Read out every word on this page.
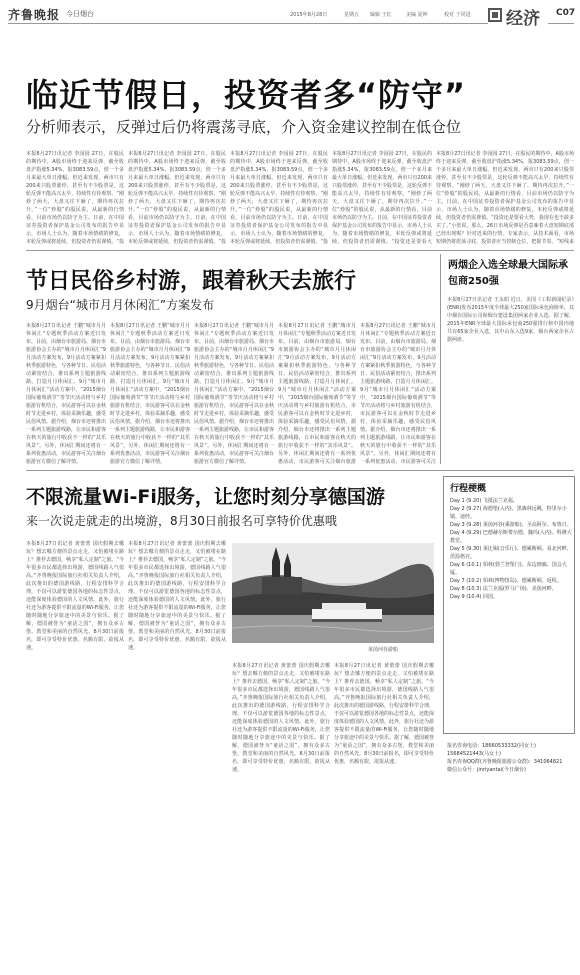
齐鲁晚报 今日烟台	2015年8月28日	星期五 编辑 王红	美编 夏坤	校对 于同进 经济 C07
临近节假日，投资者多“防守”
分析师表示，反弹过后仍将震荡寻底，介入资金建议控制在低仓位
本报8月27日讯记者 李园园 27日，在股民的期待中，A股市场终于迎来反弹，截至收盘沪指涨5.34%，报3083.59点，创一个多月来最大单日涨幅。但近来发现，两市只有200来只股票涨停，甚至有不少股票是，这轮反弹不能高兴太早，持续性有待观察。“刚炒了两天，大盘又往下砸了，期待再次拉升。”一位“炒股”的股民说，从最新的行情看，目前市场仍以防守为主。日前，在中国证券投资者保护基金公司发布的报告中显示，市场人士认为，随着市场情绪的修复，本轮反弹或将延续，但投资者仍需谨慎。“投
本报8月27日讯记者 李园园 27日，在股民的期待中，A股市场终于迎来反弹，截至收盘沪指涨5.34%，报3083.59点，创一个多月来最大单日涨幅。但近来发现，两市只有200来只股票涨停，甚至有不少股票是，这轮反弹不能高兴太早，持续性有待观察。“刚炒了两天，大盘又往下砸了，期待再次拉升。”一位“炒股”的股民说，从最新的行情看，目前市场仍以防守为主。日前，在中国证券投资者保护基金公司发布的报告中显示，市场人士认为，随着市场情绪的修复，本轮反弹或将延续，但投资者仍需谨慎。“投
本报8月27日讯记者 李园园 27日，在股民的期待中，A股市场终于迎来反弹，截至收盘沪指涨5.34%，报3083.59点，创一个多月来最大单日涨幅。但近来发现，两市只有200来只股票涨停，甚至有不少股票是，这轮反弹不能高兴太早，持续性有待观察。“刚炒了两天，大盘又往下砸了，期待再次拉升。”一位“炒股”的股民说，从最新的行情看，目前市场仍以防守为主。日前，在中国证券投资者保护基金公司发布的报告中显示，市场人士认为，随着市场情绪的修复，本轮反弹或将延续，但投资者仍需谨慎。“投
本报8月27日讯记者 李园园 27日，在股民的期待中，A股市场终于迎来反弹，截至收盘沪指涨5.34%，报3083.59点，创一个多月来最大单日涨幅。但近来发现，两市只有200来只股票涨停，甚至有不少股票是，这轮反弹不能高兴太早，持续性有待观察。“刚炒了两天，大盘又往下砸了，期待再次拉升。”一位“炒股”的股民说，从最新的行情看，目前市场仍以防守为主。日前，在中国证券投资者保护基金公司发布的报告中显示，市场人士认为，随着市场情绪的修复，本轮反弹或将延续，但投资者仍需谨慎。“投资还是要看大
本报8月27日讯记者 李园园 27日，在股民的期待中，A股市场终于迎来反弹，截至收盘沪指涨5.34%，报3083.59点，创一个多月来最大单日涨幅。但近来发现，两市只有200来只股票涨停，甚至有不少股票是，这轮反弹不能高兴太早，持续性有待观察。“刚炒了两天，大盘又往下砸了，期待再次拉升。”一位“炒股”的股民说，从最新的行情看，目前市场仍以防守为主。日前，在中国证券投资者保护基金公司发布的报告中显示，市场人士认为，随着市场情绪的修复，本轮反弹或将延续，但投资者仍需谨慎。“投资还是要看大势，我现在也不敢多买了。”小张说。那么，26日市场反弹是否意味着大盘短期底部已经出现呢？针对近来的行情，专家表示，从技术面看，市场短期仍将震荡寻底，投资者应当控制仓位，把握节奏。“短线来
节日民俗乡村游，跟着秋天去旅行
9月烟台“城市月月休闲汇”方案发布
本报8月27日讯记者 王鹏“城市月月休闲汇”专题秋季活动方案近日发布。目前，由烟台市旅游局、烟台市旅游协会主办的“城市月月休闲汇”9月活动方案发布，9月活动方案紧扣秋季旅游特色，与各种节日、民俗活动紧密结合，推出系列主题旅游线路，打造月月休闲汇。9月“城市月月休闲汇”活动方案中，“2015烟台国际葡萄酒节”等节庆活动将与乡村旅游有机结合，市民游客可以在金秋时节走进乡村，体验采摘乐趣，感受民俗风情。据介绍，烟台市还将推出一系列主题旅游线路，让市民和游客在秋天的旅行中收获不一样的“其乐风景”。另外，休闲汇期间还将有一系列优惠活动，市民游客可关注烟台旅游官方微信了解详情。
本报8月27日讯记者 王鹏“城市月月休闲汇”专题秋季活动方案近日发布。目前，由烟台市旅游局、烟台市旅游协会主办的“城市月月休闲汇”9月活动方案发布，9月活动方案紧扣秋季旅游特色，与各种节日、民俗活动紧密结合，推出系列主题旅游线路，打造月月休闲汇。9月“城市月月休闲汇”活动方案中，“2015烟台国际葡萄酒节”等节庆活动将与乡村旅游有机结合，市民游客可以在金秋时节走进乡村，体验采摘乐趣，感受民俗风情。据介绍，烟台市还将推出一系列主题旅游线路，让市民和游客在秋天的旅行中收获不一样的“其乐风景”。另外，休闲汇期间还将有一系列优惠活动，市民游客可关注烟台旅游官方微信了解详情。
本报8月27日讯记者 王鹏“城市月月休闲汇”专题秋季活动方案近日发布。目前，由烟台市旅游局、烟台市旅游协会主办的“城市月月休闲汇”9月活动方案发布，9月活动方案紧扣秋季旅游特色，与各种节日、民俗活动紧密结合，推出系列主题旅游线路，打造月月休闲汇。9月“城市月月休闲汇”活动方案中，“2015烟台国际葡萄酒节”等节庆活动将与乡村旅游有机结合，市民游客可以在金秋时节走进乡村，体验采摘乐趣，感受民俗风情。据介绍，烟台市还将推出一系列主题旅游线路，让市民和游客在秋天的旅行中收获不一样的“其乐风景”。另外，休闲汇期间还将有一系列优惠活动，市民游客可关注烟台旅游官方微信了解详情。
本报8月27日讯记者 王鹏“城市月月休闲汇”专题秋季活动方案近日发布。目前，由烟台市旅游局、烟台市旅游协会主办的“城市月月休闲汇”9月活动方案发布，9月活动方案紧扣秋季旅游特色，与各种节日、民俗活动紧密结合，推出系列主题旅游线路，打造月月休闲汇。9月“城市月月休闲汇”活动方案中，“2015烟台国际葡萄酒节”等节庆活动将与乡村旅游有机结合，市民游客可以在金秋时节走进乡村，体验采摘乐趣，感受民俗风情。据介绍，烟台市还将推出一系列主题旅游线路，让市民和游客在秋天的旅行中收获不一样的“其乐风景”。另外，休闲汇期间还将有一系列优惠活动，市民游客可关注烟台旅游
本报8月27日讯记者 王鹏“城市月月休闲汇”专题秋季活动方案近日发布。目前，由烟台市旅游局、烟台市旅游协会主办的“城市月月休闲汇”9月活动方案发布，9月活动方案紧扣秋季旅游特色，与各种节日、民俗活动紧密结合，推出系列主题旅游线路，打造月月休闲汇。9月“城市月月休闲汇”活动方案中，“2015烟台国际葡萄酒节”等节庆活动将与乡村旅游有机结合，市民游客可以在金秋时节走进乡村，体验采摘乐趣，感受民俗风情。据介绍，烟台市还将推出一系列主题旅游线路，让市民和游客在秋天的旅行中收获不一样的“其乐风景”。另外，休闲汇期间还将有一系列优惠活动，市民游客可关注
两烟企入选全球最大国际承包商250强
本报8月27日讯记者 王永昭 近日，美国《工程新闻纪录》(ENR)发布2015年度全球最大250家国际承包商榜单，其中烟台国际公司和烟台建设集团两家企业入选。据了解，2015年ENR全球最大国际承包商250强排行榜中国内地共有65家企业入选，其中山东入选9家，烟台两家企业占据两席。
不限流量Wi-Fi服务，让您时刻分享德国游
来一次说走就走的出境游，8月30日前报名可享特价优惠哦
本报8月27日讯记者 黄蕾蕾 国庆假期去哪玩？想去哪方便的景点走走，又怕被堵在路上？推荐去德国，畅享“私人定制”之旅。“今年很多市民都选择出境游，德国线路人气很高。”齐鲁晚报国际旅行社相关负责人介绍，此次推出的德国游线路，行程安排科学合理，不仅可以游览德国各地的标志性景点，还能深度体验德国的人文风情。此外，旅行社还为游客提供不限流量的Wi-Fi服务，让您随时随地分享旅途中的美景与快乐。据了解，德国被誉为“童话之国”，拥有众多古堡、教堂和美丽的自然风光。8月30日前报名，即可享受特价优惠，名额有限，欲报从速。
本报8月27日讯记者 黄蕾蕾 国庆假期去哪玩？想去哪方便的景点走走，又怕被堵在路上？推荐去德国，畅享“私人定制”之旅。“今年很多市民都选择出境游，德国线路人气很高。”齐鲁晚报国际旅行社相关负责人介绍，此次推出的德国游线路，行程安排科学合理，不仅可以游览德国各地的标志性景点，还能深度体验德国的人文风情。此外，旅行社还为游客提供不限流量的Wi-Fi服务，让您随时随地分享旅途中的美景与快乐。据了解，德国被誉为“童话之国”，拥有众多古堡、教堂和美丽的自然风光。8月30日前报名，即可享受特价优惠，名额有限，欲报从速。
本报8月27日讯记者 黄蕾蕾 国庆假期去哪玩？想去哪方便的景点走走，又怕被堵在路上？推荐去德国，畅享“私人定制”之旅。“今年很多市民都选择出境游，德国线路人气很高。”齐鲁晚报国际旅行社相关负责人介绍，此次推出的德国游线路，行程安排科学合理，不仅可以游览德国各地的标志性景点，还能深度体验德国的人文风情。此外，旅行社还为游客提供不限流量的Wi-Fi服务，让您随时随地分享旅途中的美景与快乐。据了解，德国被誉为“童话之国”，拥有众多古堡、教堂和美丽的自然风光。8月30日前报名，即可享受特价优惠，名额有限，欲报从速。
本报8月27日讯记者 黄蕾蕾 国庆假期去哪玩？想去哪方便的景点走走，又怕被堵在路上？推荐去德国，畅享“私人定制”之旅。“今年很多市民都选择出境游，德国线路人气很高。”齐鲁晚报国际旅行社相关负责人介绍，此次推出的德国游线路，行程安排科学合理，不仅可以游览德国各地的标志性景点，还能深度体验德国的人文风情。此外，旅行社还为游客提供不限流量的Wi-Fi服务，让您随时随地分享旅途中的美景与快乐。据了解，德国被誉为“童话之国”，拥有众多古堡、教堂和美丽的自然风光。8月30日前报名，即可享受特价优惠，名额有限，欲报从速。
莱茵河谷游船
行程梗概
Day 1 (9.20) 飞抵法兰克福。
Day 2 (9.27) 海德堡(入内)、黑森林远眺、特里尔小镇、途经。
Day 3 (9.28) 莱茵河谷(乘游船)、圣高阿尔、布鲁日。
Day 4 (9.29) 巴德赫尔斯费尔德、魏玛(入内)、科隆大教堂。
Day 5 (9.30) 莱比锡(音乐厅)、德累斯顿、易北河畔、茨温格宫。
Day 6 (10.1) 柏林(勃兰登堡门)、东边画廊、国会大厦。
Day 7 (10.2) 柏林(博物馆岛)、德累斯顿，返程。
Day 8 (10.3) 法兰克福(罗马广场)、美茵河畔。
Day 9 (10.4) 回国。
报名咨询电话：18660533332(同女士)
15684521443(马女士)
报名咨询QQ群(齐鲁晚报旅游公众群)：341064821
微信公众号：jinriyantai(今日烟台)
